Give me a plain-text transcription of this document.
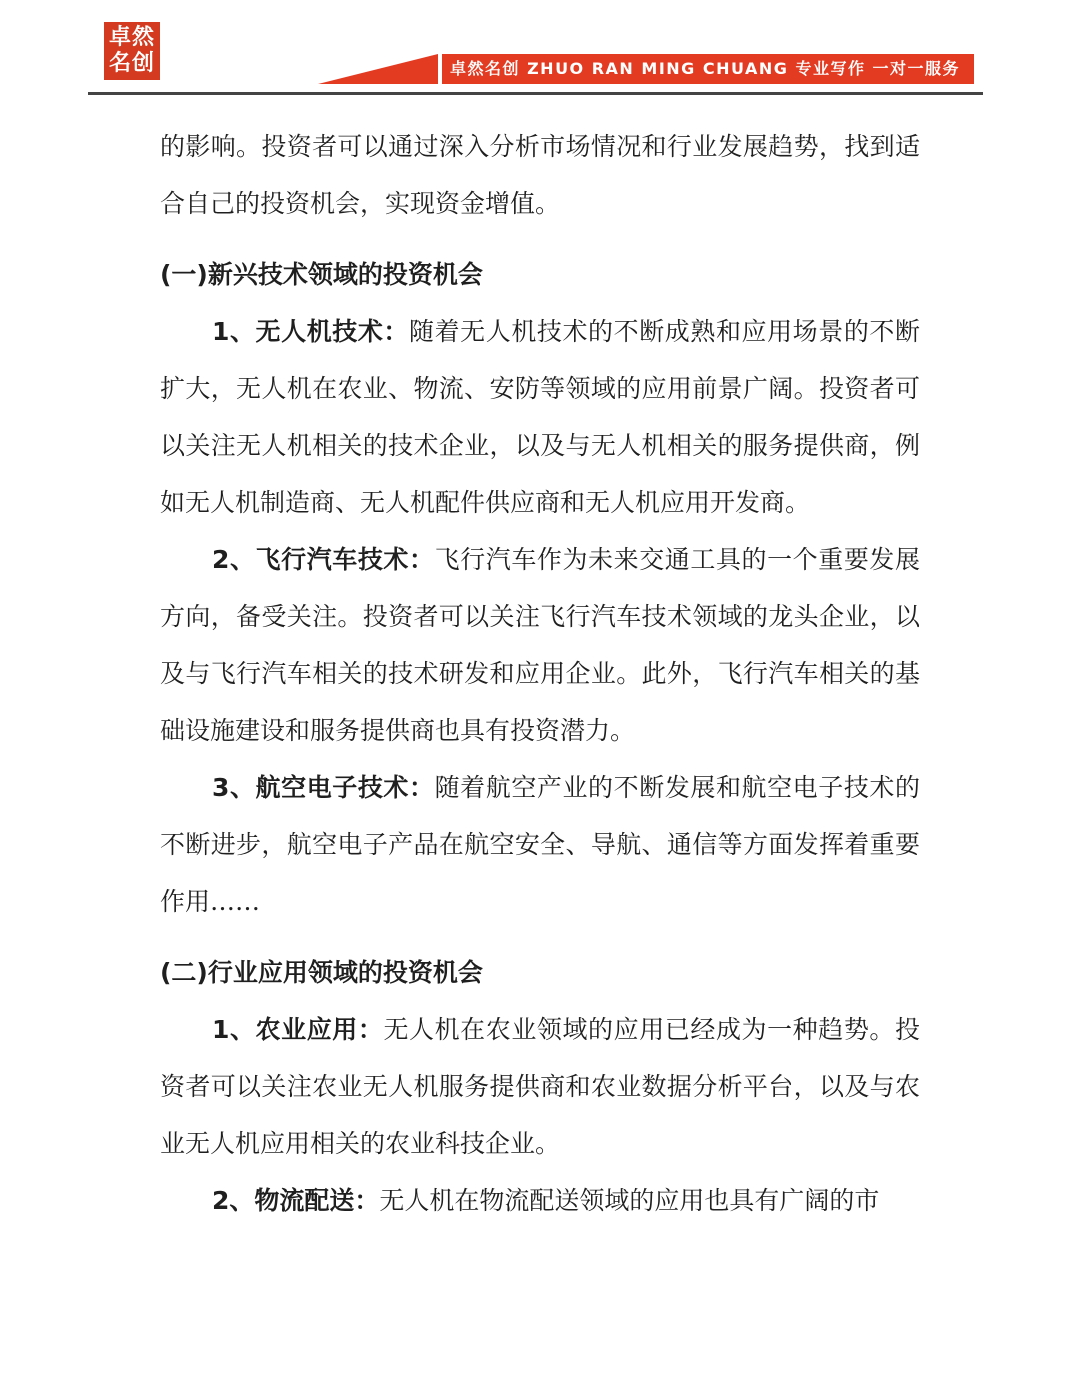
卓然
名创	卓然名创 ZHUO RAN MING CHUANG 专业写作 一对一服务

的影响。投资者可以通过深入分析市场情况和行业发展趋势，找到适合自己的投资机会，实现资金增值。

(一)新兴技术领域的投资机会

1、无人机技术：随着无人机技术的不断成熟和应用场景的不断扩大，无人机在农业、物流、安防等领域的应用前景广阔。投资者可以关注无人机相关的技术企业，以及与无人机相关的服务提供商，例如无人机制造商、无人机配件供应商和无人机应用开发商。

2、飞行汽车技术：飞行汽车作为未来交通工具的一个重要发展方向，备受关注。投资者可以关注飞行汽车技术领域的龙头企业，以及与飞行汽车相关的技术研发和应用企业。此外，飞行汽车相关的基础设施建设和服务提供商也具有投资潜力。

3、航空电子技术：随着航空产业的不断发展和航空电子技术的不断进步，航空电子产品在航空安全、导航、通信等方面发挥着重要作用……

(二)行业应用领域的投资机会

1、农业应用：无人机在农业领域的应用已经成为一种趋势。投资者可以关注农业无人机服务提供商和农业数据分析平台，以及与农业无人机应用相关的农业科技企业。

2、物流配送：无人机在物流配送领域的应用也具有广阔的市
